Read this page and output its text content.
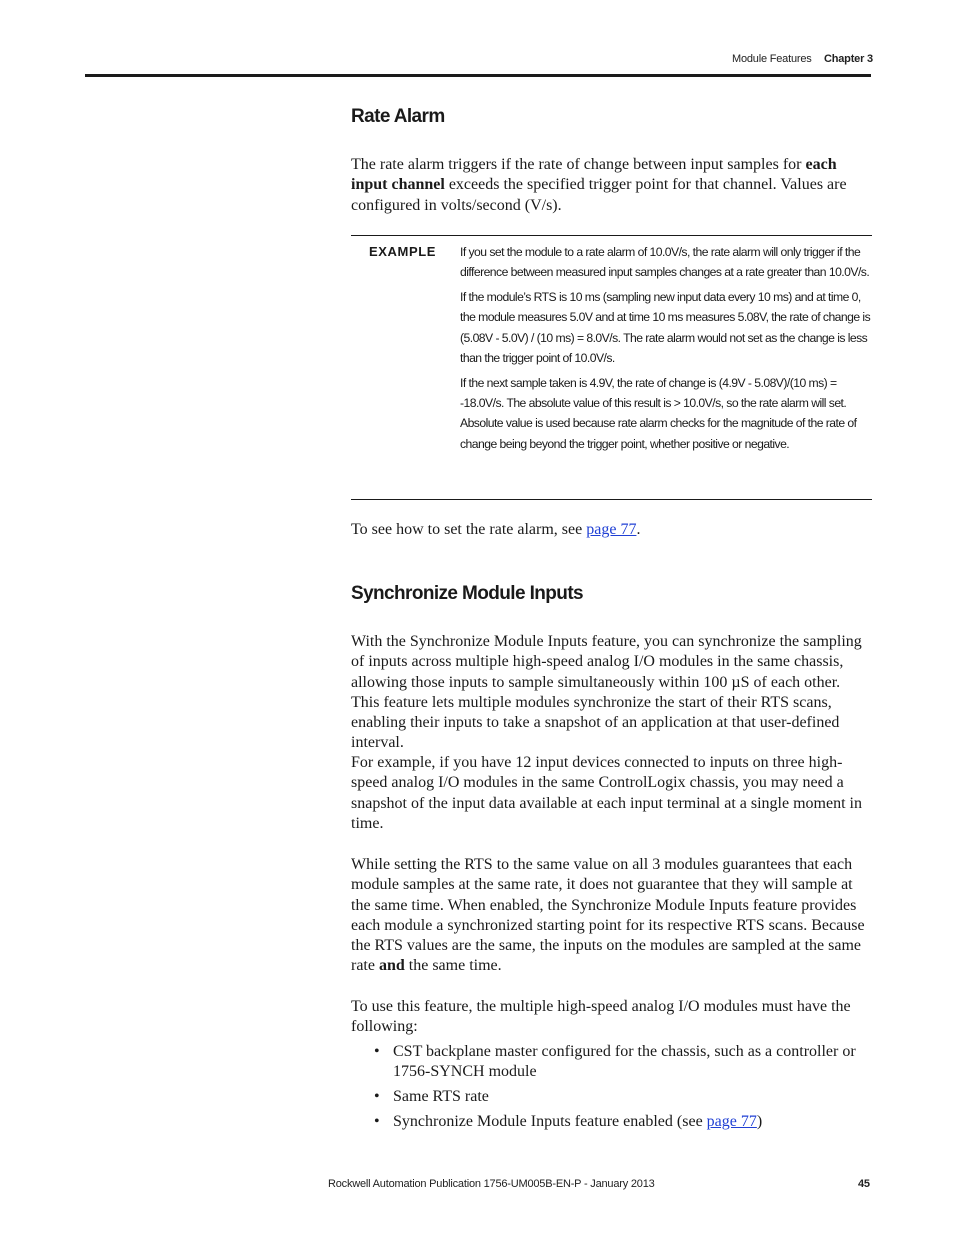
Module Features Chapter 3
Rate Alarm

The rate alarm triggers if the rate of change between input samples for each input channel exceeds the specified trigger point for that channel. Values are configured in volts/second (V/s).

EXAMPLE If you set the module to a rate alarm of 10.0V/s, the rate alarm will only trigger if the difference between measured input samples changes at a rate greater than 10.0V/s.

If the module’s RTS is 10 ms (sampling new input data every 10 ms) and at time 0, the module measures 5.0V and at time 10 ms measures 5.08V, the rate of change is (5.08V - 5.0V) / (10 ms) = 8.0V/s. The rate alarm would not set as the change is less than the trigger point of 10.0V/s.

If the next sample taken is 4.9V, the rate of change is (4.9V - 5.08V)/(10 ms) = -18.0V/s. The absolute value of this result is > 10.0V/s, so the rate alarm will set. Absolute value is used because rate alarm checks for the magnitude of the rate of change being beyond the trigger point, whether positive or negative.

To see how to set the rate alarm, see page 77.

Synchronize Module Inputs

With the Synchronize Module Inputs feature, you can synchronize the sampling of inputs across multiple high-speed analog I/O modules in the same chassis, allowing those inputs to sample simultaneously within 100 µS of each other. This feature lets multiple modules synchronize the start of their RTS scans, enabling their inputs to take a snapshot of an application at that user-defined interval.

For example, if you have 12 input devices connected to inputs on three high-speed analog I/O modules in the same ControlLogix chassis, you may need a snapshot of the input data available at each input terminal at a single moment in time.

While setting the RTS to the same value on all 3 modules guarantees that each module samples at the same rate, it does not guarantee that they will sample at the same time. When enabled, the Synchronize Module Inputs feature provides each module a synchronized starting point for its respective RTS scans. Because the RTS values are the same, the inputs on the modules are sampled at the same rate and the same time.

To use this feature, the multiple high-speed analog I/O modules must have the following:

• CST backplane master configured for the chassis, such as a controller or 1756-SYNCH module
• Same RTS rate
• Synchronize Module Inputs feature enabled (see page 77)
Rockwell Automation Publication 1756-UM005B-EN-P - January 2013	45
